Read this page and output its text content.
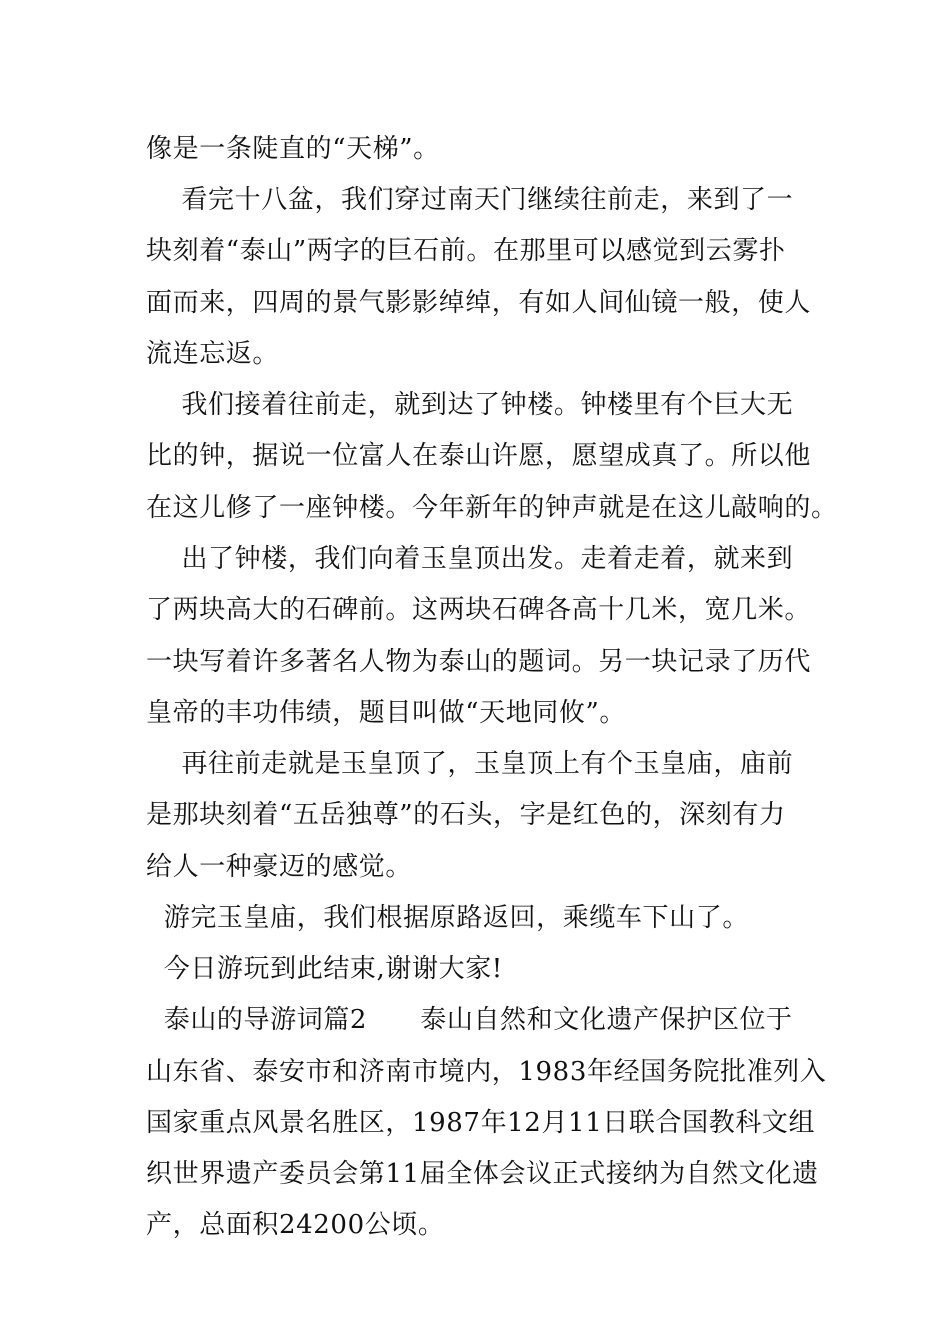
像是一条陡直的“天梯”。
看完十八盆，我们穿过南天门继续往前走，来到了一
块刻着“泰山”两字的巨石前。在那里可以感觉到云雾扑
面而来，四周的景气影影绰绰，有如人间仙镜一般，使人
流连忘返。
我们接着往前走，就到达了钟楼。钟楼里有个巨大无
比的钟，据说一位富人在泰山许愿，愿望成真了。所以他
在这儿修了一座钟楼。今年新年的钟声就是在这儿敲响的。
出了钟楼，我们向着玉皇顶出发。走着走着，就来到
了两块高大的石碑前。这两块石碑各高十几米，宽几米。
一块写着许多著名人物为泰山的题词。另一块记录了历代
皇帝的丰功伟绩，题目叫做“天地同攸”。
再往前走就是玉皇顶了，玉皇顶上有个玉皇庙，庙前
是那块刻着“五岳独尊”的石头，字是红色的，深刻有力
给人一种豪迈的感觉。
游完玉皇庙，我们根据原路返回，乘缆车下山了。
今日游玩到此结束,谢谢大家!
泰山的导游词篇2      泰山自然和文化遗产保护区位于
山东省、泰安市和济南市境内，1983年经国务院批准列入
国家重点风景名胜区，1987年12月11日联合国教科文组
织世界遗产委员会第11届全体会议正式接纳为自然文化遗
产，总面积24200公顷。
